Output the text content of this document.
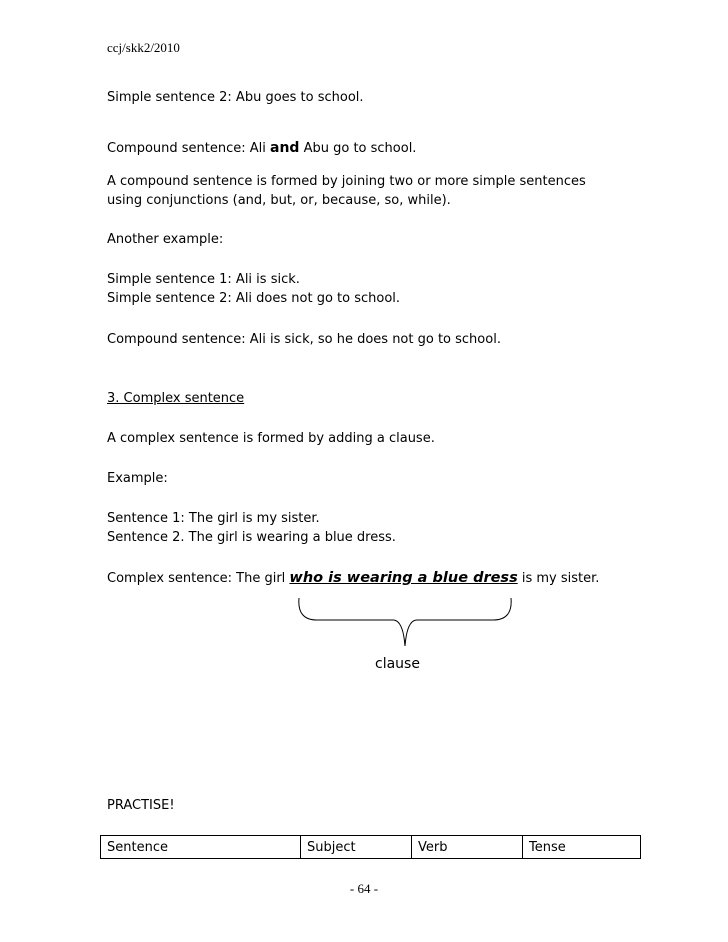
ccj/skk2/2010
Simple sentence 2: Abu goes to school.
Compound sentence: Ali and Abu go to school.
A compound sentence is formed by joining two or more simple sentences
using conjunctions (and, but, or, because, so, while).
Another example:
Simple sentence 1: Ali is sick.
Simple sentence 2: Ali does not go to school.
Compound sentence: Ali is sick, so he does not go to school.
3. Complex sentence
A complex sentence is formed by adding a clause.
Example:
Sentence 1: The girl is my sister.
Sentence 2. The girl is wearing a blue dress.
Complex sentence: The girl who is wearing a blue dress is my sister.
clause
PRACTISE!
Sentence	Subject	Verb	Tense
- 64 -
